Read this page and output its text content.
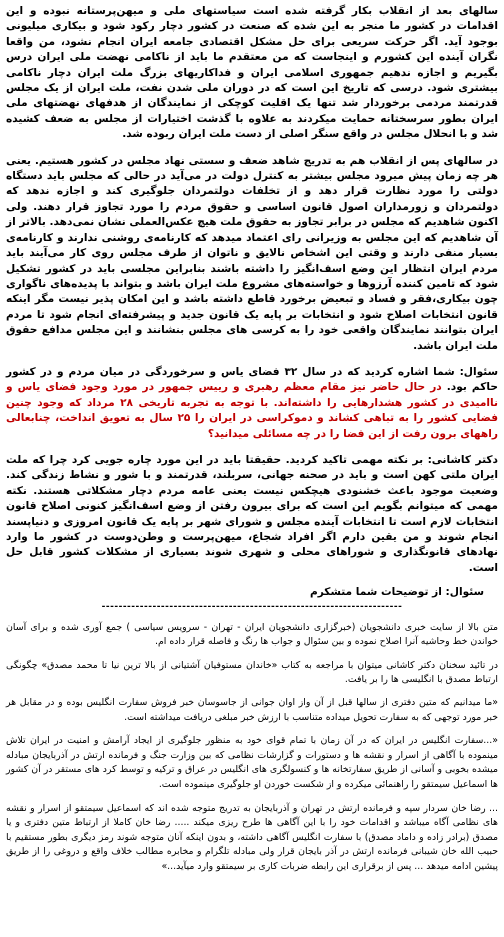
سالهای بعد از انقلاب بکار گرفته شده است سیاستهای ملی و میهن‌پرستانه نبوده و این اقدامات در کشور ما منجر به این شده که صنعت در کشور دچار رکود شود و بیکاری میلیونی بوجود آید. اگر حرکت سریعی برای حل مشکل اقتصادی جامعه ایران انجام نشود، من واقعا نگران آینده این کشورم و اینجاست که من معتقدم ما باید از ناکامی نهضت ملی ایران درس بگیریم و اجازه ندهیم جمهوری اسلامی ایران و فداکاریهای بزرگ ملت ایران دچار ناکامی بیشتری شود. درسی که تاریخ این است که در دوران ملی شدن نفت، ملت ایران از یک مجلس قدرتمند مردمی برخوردار شد تنها یک اقلیت کوچکی از نمایندگان از هدفهای نهضتهای ملی ایران بطور سرسختانه حمایت میکردند به علاوه با گذشت اختیارات از مجلس به ضعف کشیده شد و با انحلال مجلس در واقع سنگر اصلی از دست ملت ایران ربوده شد.

در سالهای پس از انقلاب هم به تدریج شاهد ضعف و سستی نهاد مجلس در کشور هستیم. یعنی هر چه زمان پیش میرود مجلس بیشتر به کنترل دولت در می‌آید در حالی که مجلس باید دستگاه دولتی را مورد نظارت قرار دهد و از تخلفات دولتمردان جلوگیری کند و اجازه ندهد که دولتمردان و زورمداران اصول قانون اساسی و حقوق مردم را مورد تجاوز قرار دهند. ولی اکنون شاهدیم که مجلس در برابر تجاوز به حقوق ملت هیچ عکس‌العملی نشان نمی‌دهد. بالاتر از آن شاهدیم که این مجلس به وزیرانی رای اعتماد میدهد که کارنامه‌ی روشنی ندارند و کارنامه‌ی بسیار منفی دارند و وقتی این اشخاص نالایق و ناتوان از طرف مجلس روی کار می‌آیند باید مردم ایران انتظار این وضع اسف‌انگیز را داشته باشند بنابراین مجلسی باید در کشور تشکیل شود که تامین کننده آرزوها و خواسته‌های مشروع ملت ایران باشد و بتواند با پدیده‌های ناگواری چون بیکاری،فقر و فساد و تبعیض برخورد قاطع داشته باشد و این امکان پذیر نیست مگر اینکه قانون انتخابات اصلاح شود و انتخابات بر پایه یک قانون جدید و پیشرفته‌ای انجام شود تا مردم ایران بتوانند نمایندگان واقعی خود را به کرسی های مجلس بنشانند و این مجلس مدافع حقوق ملت ایران باشد.

سئوال: شما اشاره کردید که در سال ۳۲ فضای یاس و سرخوردگی در میان مردم و در کشور حاکم بود. در حال حاضر نیز مقام معظم رهبری و رییس جمهور در مورد وجود فضای یاس و ناامیدی در کشور هشدارهایی را داشته‌اند. با توجه به تجربه تاریخی ۲۸ مرداد که وجود چنین فضایی کشور را به تباهی کشاند و دموکراسی در ایران را ۲۵ سال به تعویق انداخت، چنابعالی راههای برون رفت از این فضا را در چه مسائلی میدانید؟

دکتر کاشانی: بر نکته مهمی تاکید کردید. حقیقتا باید در این مورد چاره جویی کرد چرا که ملت ایران ملتی کهن است و باید در صحنه جهانی، سربلند، قدرتمند و با شور و نشاط زندگی کند. وضعیت موجود باعث خشنودی هیچکس نیست یعنی عامه مردم دچار مشکلاتی هستند. نکته مهمی که میتوانم بگویم این است که برای بیرون رفتن از وضع اسف‌انگیز کنونی اصلاح قانون انتخابات لازم است تا انتخابات آینده مجلس و شورای شهر بر پایه یک قانون امروزی و دنیاپسند انجام شوند و من یقین دارم اگر افراد شجاع، میهن‌پرست و وطن‌دوست در کشور ما وارد نهادهای قانونگذاری و شوراهای محلی و شهری شوند بسیاری از مشکلات کشور قابل حل است.

سئوال: از توضیحات شما متشکرم

-----------------------------------------------------------------------

متن بالا از سایت خبری دانشجویان (خبرگزاری دانشجویان ایران - تهران - سرویس سیاسی ) جمع آوری شده و برای آسان خواندن خط وحاشیه آنرا اصلاح نموده و بین سئوال و جواب ها رنگ و فاصله قرار داده ام.

در تائید سخنان دکتر کاشانی میتوان با مراجعه به کتاب «خاندان مستوفیان آشتیانی از بالا ترین نیا تا محمد مصدق» چگونگی ارتباط مصدق با انگلیسی ها را بر یافت.

«ما میدانیم که متین دفتری از سالها قبل از آن واز اوان جوانی از جاسوسان خبر فروش سفارت انگلیس بوده و در مقابل هر خبر مورد توجهی که به سفارت تحویل میداده متناسب با ارزش خبر مبلغی دریافت میداشته است.

«...سفارت انگلیس در ایران که در آن زمان با تمام قوای خود به منظور جلوگیری از ایجاد آرامش و امنیت در ایران تلاش مینموده با آگاهی از اسرار و نقشه ها و دستورات و گزارشات نظامی که بین وزارت جنگ و فرمانده ارتش در آذربایجان مبادله میشده بخوبی و آسانی از طریق سفارتخانه ها و کنسولگری های انگلیس در عراق و ترکیه و توسط کرد های مستقر در آن کشور ها اسماعیل سیمتقو را راهنمائی میکرده و از شکست خوردن او جلوگیری مینموده است.

... رضا خان سردار سپه و فرمانده ارتش در تهران و آذربایجان به تدریج متوجه شده اند که اسماعیل سیمتقو از اسرار و نقشه های نظامی آگاه میباشد و اقدامات خود را با این آگاهی ها طرح ریزی میکند ..... رضا خان کاملا از ارتباط متین دفتری و یا مصدق (برادر زاده و داماد مصدق) با سفارت انگلیس آگاهی داشته، و بدون اینکه آنان متوجه شوند رمز دیگری بطور مستقیم با حبیب الله خان شیبانی فرمانده ارتش در آذر بایجان قرار ولی مبادله تلگرام و مخابره مطالب خلاف واقع و دروغی را از طریق پیشین ادامه میدهد ... پس از برقراری این رابطه ضربات کاری بر سیمتقو وارد میآید...»
